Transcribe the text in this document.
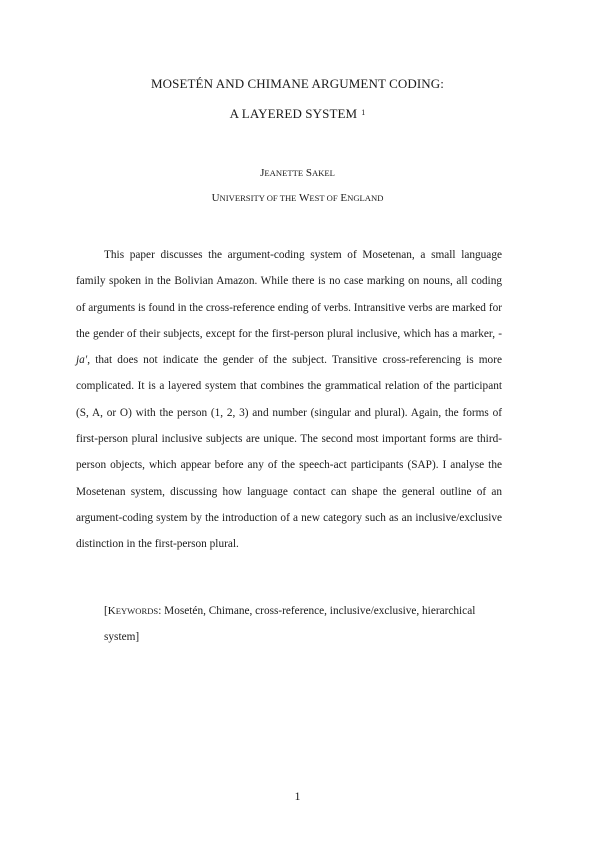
MOSETÉN AND CHIMANE ARGUMENT CODING:
A LAYERED SYSTEM $^1$
JEANETTE SAKEL
UNIVERSITY OF THE WEST OF ENGLAND

This paper discusses the argument-coding system of Mosetenan, a small language family spoken in the Bolivian Amazon. While there is no case marking on nouns, all coding of arguments is found in the cross-reference ending of verbs. Intransitive verbs are marked for the gender of their subjects, except for the first-person plural inclusive, which has a marker, -ja', that does not indicate the gender of the subject. Transitive cross-referencing is more complicated. It is a layered system that combines the grammatical relation of the participant (S, A, or O) with the person (1, 2, 3) and number (singular and plural). Again, the forms of first-person plural inclusive subjects are unique. The second most important forms are third-person objects, which appear before any of the speech-act participants (SAP). I analyse the Mosetenan system, discussing how language contact can shape the general outline of an argument-coding system by the introduction of a new category such as an inclusive/exclusive distinction in the first-person plural.

[KEYWORDS: Mosetén, Chimane, cross-reference, inclusive/exclusive, hierarchical system]

1
